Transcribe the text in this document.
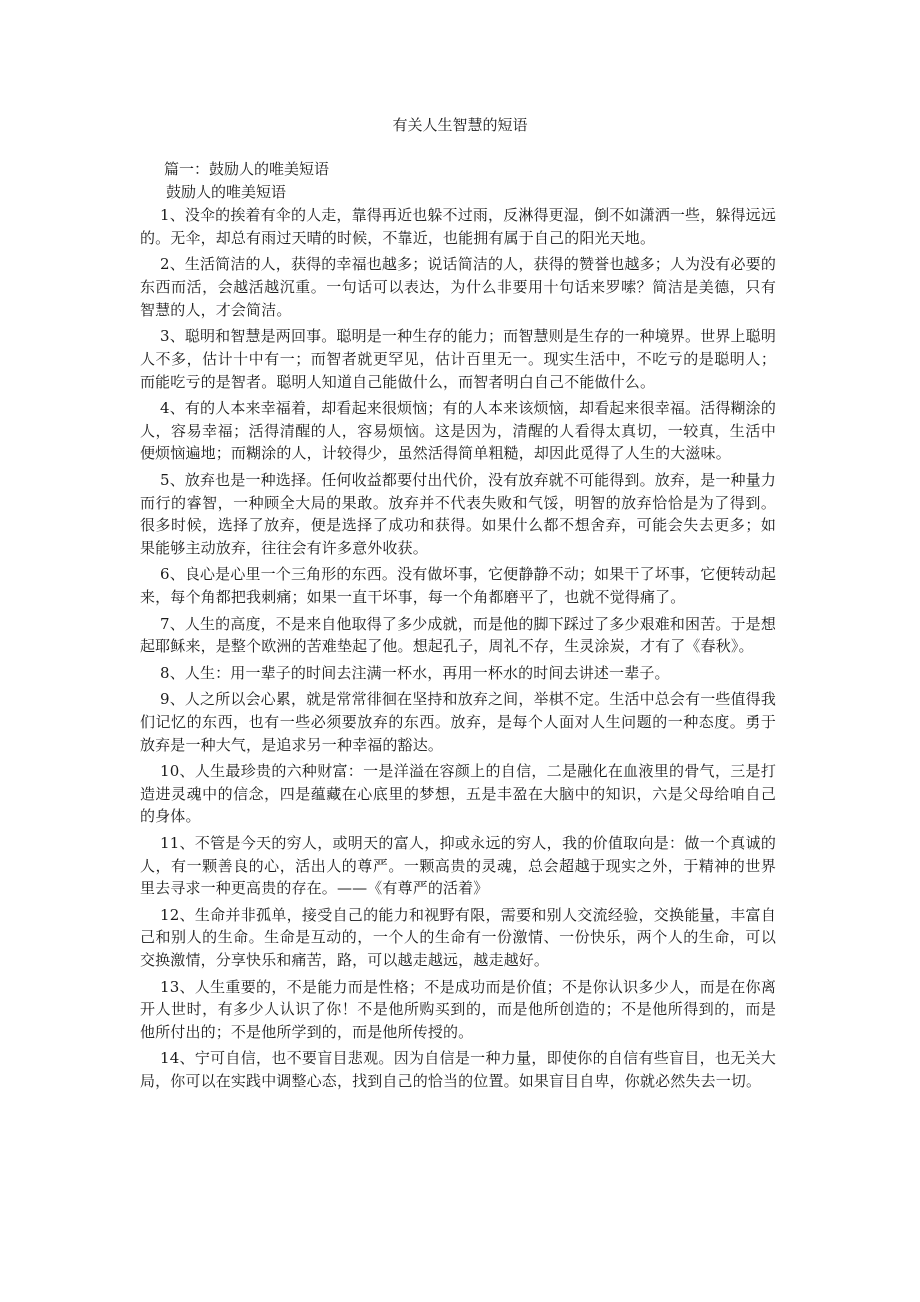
有关人生智慧的短语

篇一：鼓励人的唯美短语

鼓励人的唯美短语

1、没伞的挨着有伞的人走，靠得再近也躲不过雨，反淋得更湿，倒不如潇洒一些，躲得远远的。无伞，却总有雨过天晴的时候，不靠近，也能拥有属于自己的阳光天地。

2、生活简洁的人，获得的幸福也越多；说话简洁的人，获得的赞誉也越多；人为没有必要的东西而活，会越活越沉重。一句话可以表达，为什么非要用十句话来罗嗦？简洁是美德，只有智慧的人，才会简洁。

3、聪明和智慧是两回事。聪明是一种生存的能力；而智慧则是生存的一种境界。世界上聪明人不多，估计十中有一；而智者就更罕见，估计百里无一。现实生活中，不吃亏的是聪明人；而能吃亏的是智者。聪明人知道自己能做什么，而智者明白自己不能做什么。

4、有的人本来幸福着，却看起来很烦恼；有的人本来该烦恼，却看起来很幸福。活得糊涂的人，容易幸福；活得清醒的人，容易烦恼。这是因为，清醒的人看得太真切，一较真，生活中便烦恼遍地；而糊涂的人，计较得少，虽然活得简单粗糙，却因此觅得了人生的大滋味。

5、放弃也是一种选择。任何收益都要付出代价，没有放弃就不可能得到。放弃，是一种量力而行的睿智，一种顾全大局的果敢。放弃并不代表失败和气馁，明智的放弃恰恰是为了得到。很多时候，选择了放弃，便是选择了成功和获得。如果什么都不想舍弃，可能会失去更多；如果能够主动放弃，往往会有许多意外收获。

6、良心是心里一个三角形的东西。没有做坏事，它便静静不动；如果干了坏事，它便转动起来，每个角都把我刺痛；如果一直干坏事，每一个角都磨平了，也就不觉得痛了。

7、人生的高度，不是来自他取得了多少成就，而是他的脚下踩过了多少艰难和困苦。于是想起耶稣来，是整个欧洲的苦难垫起了他。想起孔子，周礼不存，生灵涂炭，才有了《春秋》。

8、人生：用一辈子的时间去注满一杯水，再用一杯水的时间去讲述一辈子。

9、人之所以会心累，就是常常徘徊在坚持和放弃之间，举棋不定。生活中总会有一些值得我们记忆的东西，也有一些必须要放弃的东西。放弃，是每个人面对人生问题的一种态度。勇于放弃是一种大气，是追求另一种幸福的豁达。

10、人生最珍贵的六种财富：一是洋溢在容颜上的自信，二是融化在血液里的骨气，三是打造进灵魂中的信念，四是蕴藏在心底里的梦想，五是丰盈在大脑中的知识，六是父母给咱自己的身体。

11、不管是今天的穷人，或明天的富人，抑或永远的穷人，我的价值取向是：做一个真诚的人，有一颗善良的心，活出人的尊严。一颗高贵的灵魂，总会超越于现实之外，于精神的世界里去寻求一种更高贵的存在。——《有尊严的活着》

12、生命并非孤单，接受自己的能力和视野有限，需要和别人交流经验，交换能量，丰富自己和别人的生命。生命是互动的，一个人的生命有一份激情、一份快乐，两个人的生命，可以交换激情，分享快乐和痛苦，路，可以越走越远，越走越好。

13、人生重要的，不是能力而是性格；不是成功而是价值；不是你认识多少人，而是在你离开人世时，有多少人认识了你！不是他所购买到的，而是他所创造的；不是他所得到的，而是他所付出的；不是他所学到的，而是他所传授的。

14、宁可自信，也不要盲目悲观。因为自信是一种力量，即使你的自信有些盲目，也无关大局，你可以在实践中调整心态，找到自己的恰当的位置。如果盲目自卑，你就必然失去一切。
